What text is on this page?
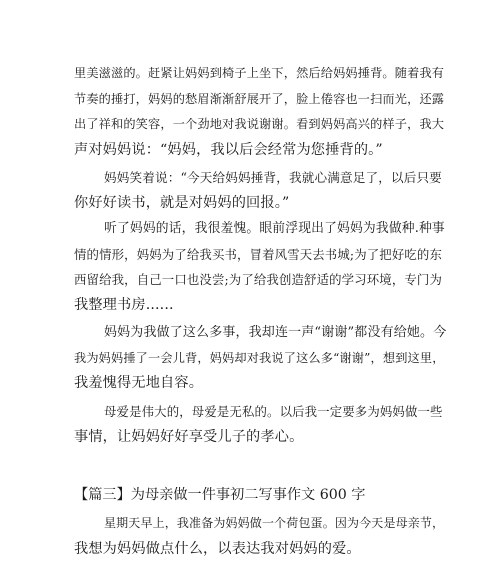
里美滋滋的。赶紧让妈妈到椅子上坐下，然后给妈妈捶背。随着我有
节奏的捶打，妈妈的愁眉渐渐舒展开了，脸上倦容也一扫而光，还露
出了祥和的笑容，一个劲地对我说谢谢。看到妈妈高兴的样子，我大
声对妈妈说：“妈妈，我以后会经常为您捶背的。”

妈妈笑着说：“今天给妈妈捶背，我就心满意足了，以后只要
你好好读书，就是对妈妈的回报。”

听了妈妈的话，我很羞愧。眼前浮现出了妈妈为我做种.种事
情的情形，妈妈为了给我买书，冒着风雪天去书城;为了把好吃的东
西留给我，自己一口也没尝;为了给我创造舒适的学习环境，专门为
我整理书房......

妈妈为我做了这么多事，我却连一声“谢谢”都没有给她。今
我为妈妈捶了一会儿背，妈妈却对我说了这么多“谢谢”，想到这里，
我羞愧得无地自容。

母爱是伟大的，母爱是无私的。以后我一定要多为妈妈做一些
事情，让妈妈好好享受儿子的孝心。

【篇三】为母亲做一件事初二写事作文 600 字

星期天早上，我准备为妈妈做一个荷包蛋。因为今天是母亲节，
我想为妈妈做点什么，以表达我对妈妈的爱。
